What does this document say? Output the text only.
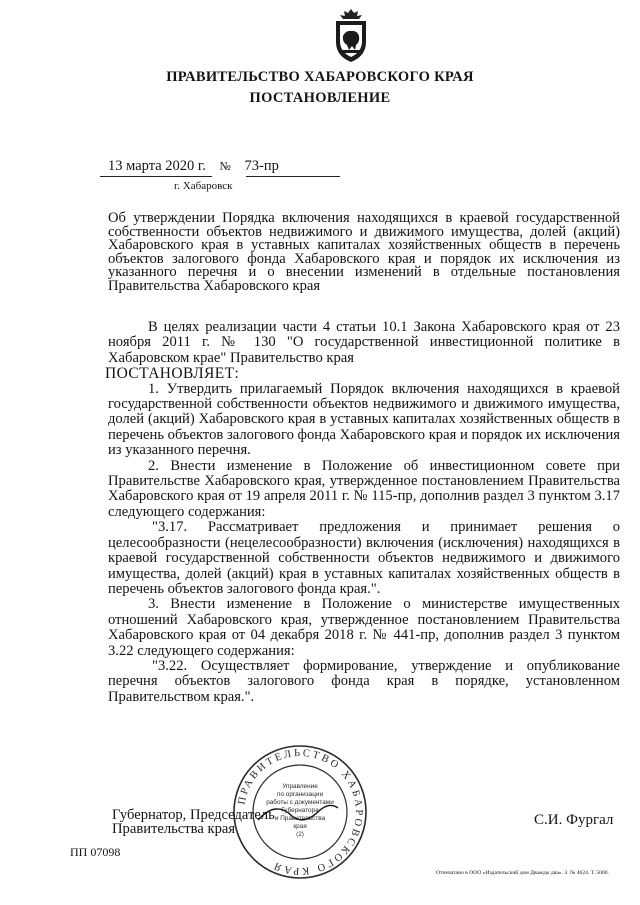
ПРАВИТЕЛЬСТВО ХАБАРОВСКОГО КРАЯ
ПОСТАНОВЛЕНИЕ
13 марта 2020 г. № 73-пр
г. Хабаровск
Об утверждении Порядка включения находящихся в краевой государственной собственности объектов недвижимого и движимого имущества, долей (акций) Хабаровского края в уставных капиталах хозяйственных обществ в перечень объектов залогового фонда Хабаровского края и порядок их исключения из указанного перечня и о внесении изменений в отдельные постановления Правительства Хабаровского края

В целях реализации части 4 статьи 10.1 Закона Хабаровского края от 23 ноября 2011 г. № 130 "О государственной инвестиционной политике в Хабаровском крае" Правительство края

ПОСТАНОВЛЯЕТ:

1. Утвердить прилагаемый Порядок включения находящихся в краевой государственной собственности объектов недвижимого и движимого имущества, долей (акций) Хабаровского края в уставных капиталах хозяйственных обществ в перечень объектов залогового фонда Хабаровского края и порядок их исключения из указанного перечня.

2. Внести изменение в Положение об инвестиционном совете при Правительстве Хабаровского края, утвержденное постановлением Правительства Хабаровского края от 19 апреля 2011 г. № 115-пр, дополнив раздел 3 пунктом 3.17 следующего содержания:

"3.17. Рассматривает предложения и принимает решения о целесообразности (нецелесообразности) включения (исключения) находящихся в краевой государственной собственности объектов недвижимого и движимого имущества, долей (акций) края в уставных капиталах хозяйственных обществ в перечень объектов залогового фонда края.".

3. Внести изменение в Положение о министерстве имущественных отношений Хабаровского края, утвержденное постановлением Правительства Хабаровского края от 04 декабря 2018 г. № 441-пр, дополнив раздел 3 пунктом 3.22 следующего содержания:

"3.22. Осуществляет формирование, утверждение и опубликование перечня объектов залогового фонда края в порядке, установленном Правительством края.".

Губернатор, Председатель
Правительства края
С.И. Фургал
ПРАВИТЕЛЬСТВО ХАБАРОВСКОГО КРАЯ
Управление
по организации
работы с документами
Губернатора
и Правительства
края
(2)
ПП 07098
Отпечатано в ООО «Издательский дом Дважды два». З. № 4624. Т. 5000.
